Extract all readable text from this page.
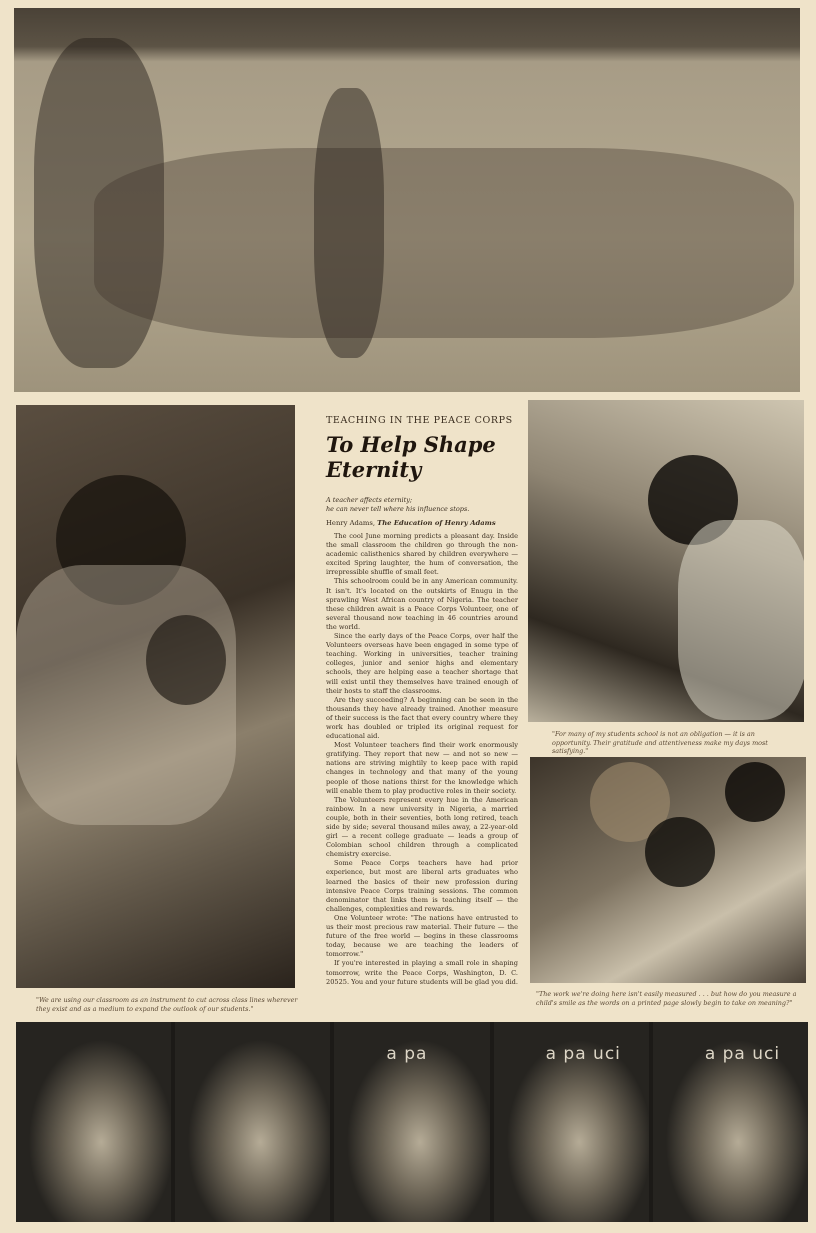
TEACHING IN THE PEACE CORPS

To Help Shape Eternity

A teacher affects eternity;

he can never tell where his influence stops.

Henry Adams, The Education of Henry Adams

The cool June morning predicts a pleasant day. Inside the small classroom the children go through the non-academic calisthenics shared by children everywhere — excited Spring laughter, the hum of conversation, the irrepressible shuffle of small feet.

This schoolroom could be in any American community. It isn't. It's located on the outskirts of Enugu in the sprawling West African country of Nigeria. The teacher these children await is a Peace Corps Volunteer, one of several thousand now teaching in 46 countries around the world.

Since the early days of the Peace Corps, over half the Volunteers overseas have been engaged in some type of teaching. Working in universities, teacher training colleges, junior and senior highs and elementary schools, they are helping ease a teacher shortage that will exist until they themselves have trained enough of their hosts to staff the classrooms.

Are they succeeding? A beginning can be seen in the thousands they have already trained. Another measure of their success is the fact that every country where they work has doubled or tripled its original request for educational aid.

Most Volunteer teachers find their work enormously gratifying. They report that new — and not so new — nations are striving mightily to keep pace with rapid changes in technology and that many of the young people of those nations thirst for the knowledge which will enable them to play productive roles in their society.

The Volunteers represent every hue in the American rainbow. In a new university in Nigeria, a married couple, both in their seventies, both long retired, teach side by side; several thousand miles away, a 22-year-old girl — a recent college graduate — leads a group of Colombian school children through a complicated chemistry exercise.

Some Peace Corps teachers have had prior experience, but most are liberal arts graduates who learned the basics of their new profession during intensive Peace Corps training sessions. The common denominator that links them is teaching itself — the challenges, complexities and rewards.

One Volunteer wrote: "The nations have entrusted to us their most precious raw material. Their future — the future of the free world — begins in these classrooms today, because we are teaching the leaders of tomorrow."

If you're interested in playing a small role in shaping tomorrow, write the Peace Corps, Washington, D. C. 20525. You and your future students will be glad you did.

"For many of my students school is not an obligation — it is an opportunity. Their gratitude and attentiveness make my days most satisfying."
"The work we're doing here isn't easily measured . . . but how do you measure a child's smile as the words on a printed page slowly begin to take on meaning?"
"We are using our classroom as an instrument to cut across class lines wherever they exist and as a medium to expand the outlook of our students."
a pa	a pa uci	a pa uci
